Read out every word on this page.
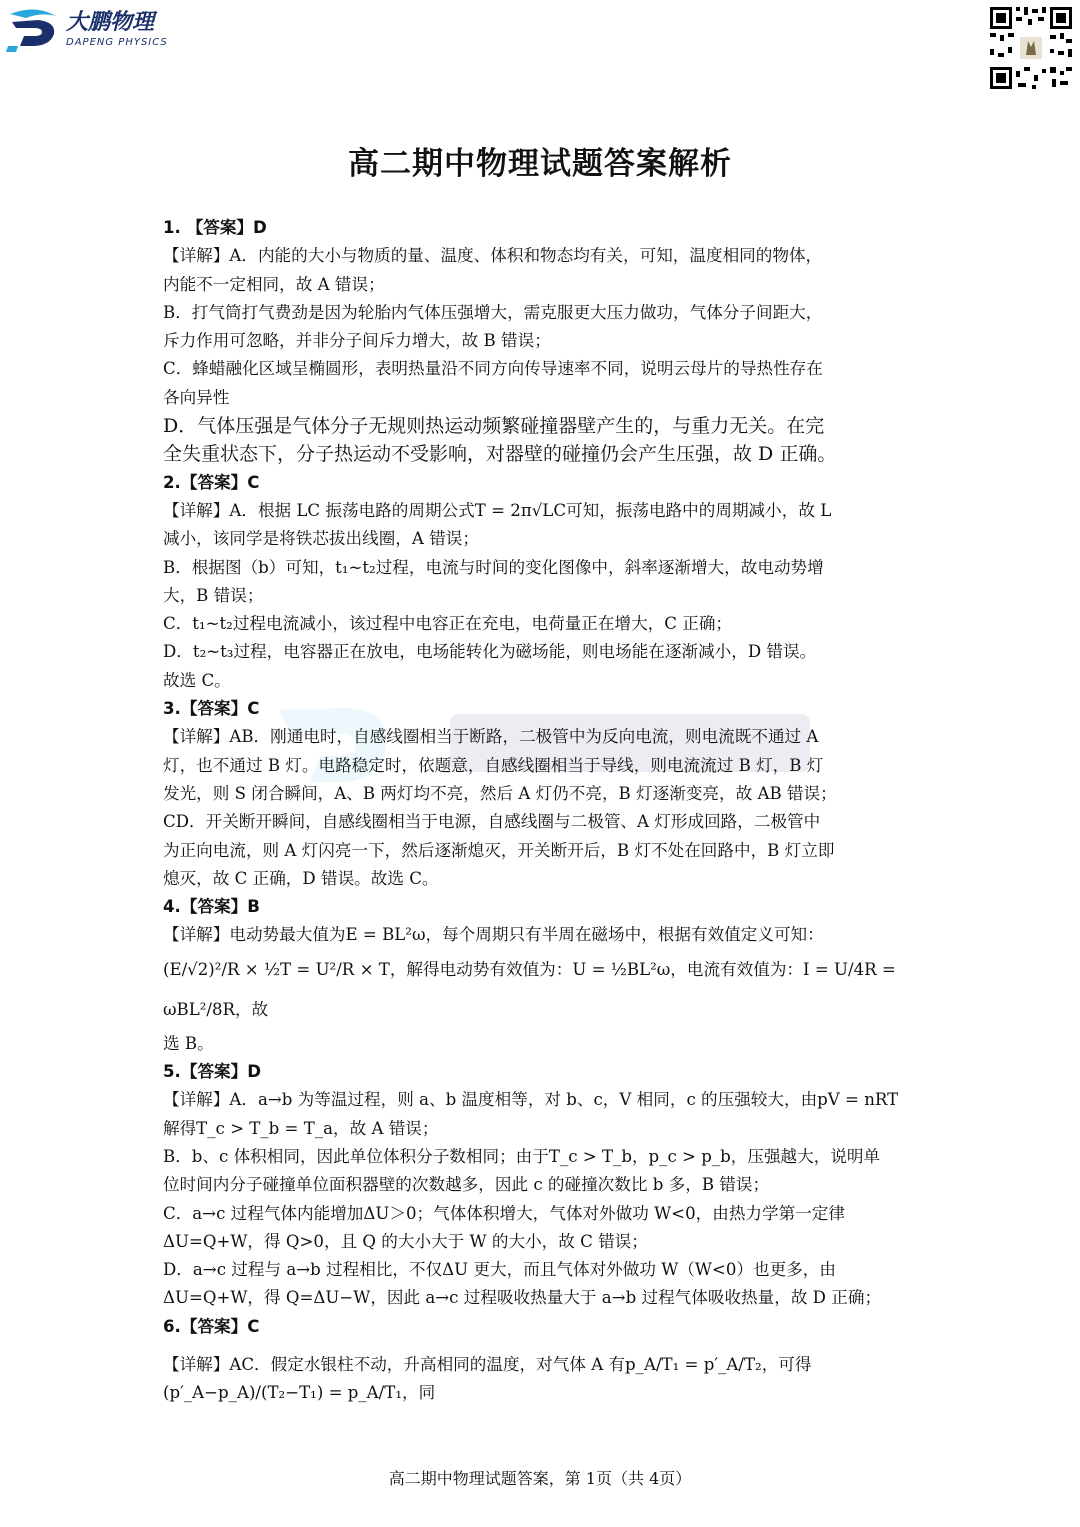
大鹏物理
DAPENG PHYSICS
高二期中物理试题答案解析

1. 【答案】D

【详解】A．内能的大小与物质的量、温度、体积和物态均有关，可知，温度相同的物体，

内能不一定相同，故 A 错误；

B．打气筒打气费劲是因为轮胎内气体压强增大，需克服更大压力做功，气体分子间距大，

斥力作用可忽略，并非分子间斥力增大，故 B 错误；

C．蜂蜡融化区域呈椭圆形，表明热量沿不同方向传导速率不同，说明云母片的导热性存在

各向异性

D．气体压强是气体分子无规则热运动频繁碰撞器壁产生的，与重力无关。在完

全失重状态下，分子热运动不受影响，对器壁的碰撞仍会产生压强，故 D 正确。

2.【答案】C

【详解】A．根据 LC 振荡电路的周期公式T = 2π√LC可知，振荡电路中的周期减小，故 L

减小，该同学是将铁芯拔出线圈，A 错误；

B．根据图（b）可知，t₁~t₂过程，电流与时间的变化图像中，斜率逐渐增大，故电动势增

大，B 错误；

C．t₁~t₂过程电流减小，该过程中电容正在充电，电荷量正在增大，C 正确；

D．t₂~t₃过程，电容器正在放电，电场能转化为磁场能，则电场能在逐渐减小，D 错误。

故选 C。

3.【答案】C

【详解】AB．刚通电时，自感线圈相当于断路，二极管中为反向电流，则电流既不通过 A

灯，也不通过 B 灯。电路稳定时，依题意，自感线圈相当于导线，则电流流过 B 灯，B 灯

发光，则 S 闭合瞬间，A、B 两灯均不亮，然后 A 灯仍不亮，B 灯逐渐变亮，故 AB 错误；

CD．开关断开瞬间，自感线圈相当于电源，自感线圈与二极管、A 灯形成回路，二极管中

为正向电流，则 A 灯闪亮一下，然后逐渐熄灭，开关断开后，B 灯不处在回路中，B 灯立即

熄灭，故 C 正确，D 错误。故选 C。

4.【答案】B

【详解】电动势最大值为E = BL²ω，每个周期只有半周在磁场中，根据有效值定义可知：

(E/√2)²/R × ½T = U²/R × T，解得电动势有效值为：U = ½BL²ω，电流有效值为：I = U/4R = ωBL²/8R，故

选 B。

5.【答案】D

【详解】A．a→b 为等温过程，则 a、b 温度相等，对 b、c，V 相同，c 的压强较大，由pV = nRT

解得T_c > T_b = T_a，故 A 错误；

B．b、c 体积相同，因此单位体积分子数相同；由于T_c > T_b，p_c > p_b，压强越大，说明单

位时间内分子碰撞单位面积器壁的次数越多，因此 c 的碰撞次数比 b 多，B 错误；

C．a→c 过程气体内能增加ΔU＞0；气体体积增大，气体对外做功 W<0，由热力学第一定律

ΔU=Q+W，得 Q>0，且 Q 的大小大于 W 的大小，故 C 错误；

D．a→c 过程与 a→b 过程相比，不仅ΔU 更大，而且气体对外做功 W（W<0）也更多，由

ΔU=Q+W，得 Q=ΔU−W，因此 a→c 过程吸收热量大于 a→b 过程气体吸收热量，故 D 正确；

6.【答案】C

【详解】AC．假定水银柱不动，升高相同的温度，对气体 A 有p_A/T₁ = p′_A/T₂，可得(p′_A−p_A)/(T₂−T₁) = p_A/T₁，同

高二期中物理试题答案，第 1页（共 4页）
